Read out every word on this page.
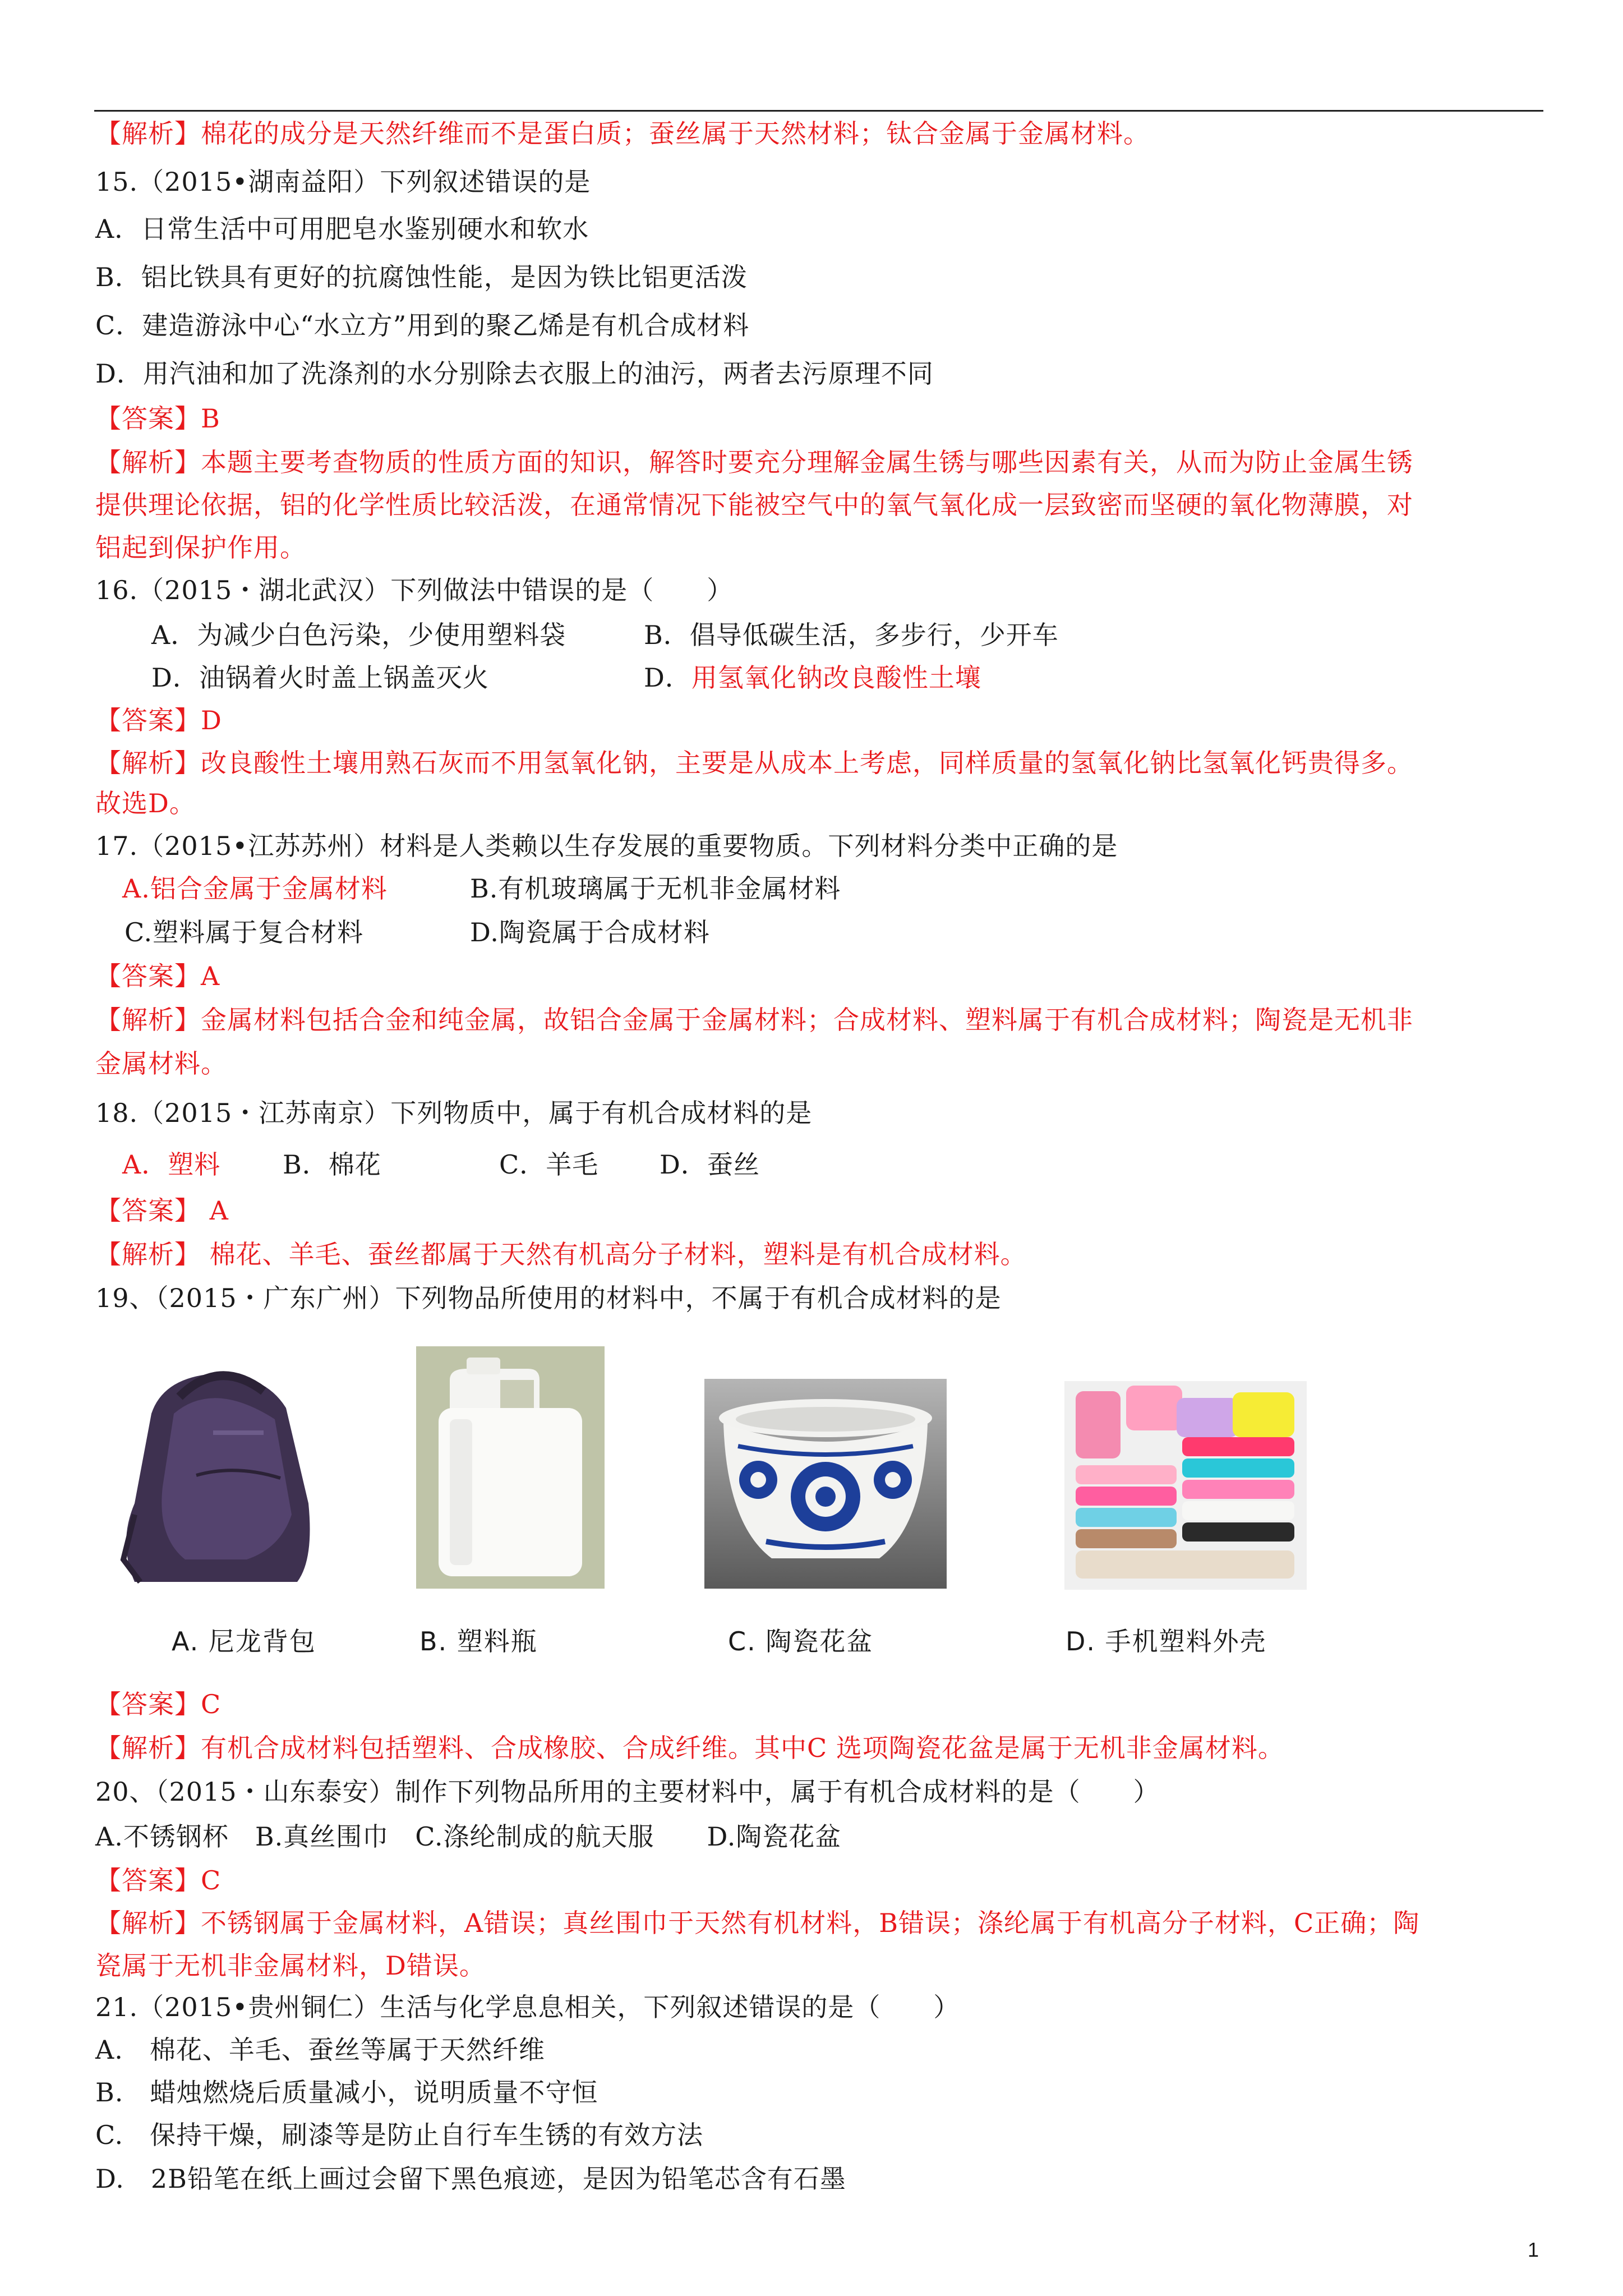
【解析】棉花的成分是天然纤维而不是蛋白质；蚕丝属于天然材料；钛合金属于金属材料。
15.（2015•湖南益阳）下列叙述错误的是
A．日常生活中可用肥皂水鉴别硬水和软水
B．铝比铁具有更好的抗腐蚀性能，是因为铁比铝更活泼
C．建造游泳中心“水立方”用到的聚乙烯是有机合成材料
D．用汽油和加了洗涤剂的水分别除去衣服上的油污，两者去污原理不同
【答案】B
【解析】本题主要考查物质的性质方面的知识，解答时要充分理解金属生锈与哪些因素有关，从而为防止金属生锈
提供理论依据，铝的化学性质比较活泼，在通常情况下能被空气中的氧气氧化成一层致密而坚硬的氧化物薄膜，对
铝起到保护作用。
16.（2015・湖北武汉）下列做法中错误的是（　　）
A．为减少白色污染，少使用塑料袋	B．倡导低碳生活，多步行，少开车
D．油锅着火时盖上锅盖灭火	D．用氢氧化钠改良酸性土壤
【答案】D
【解析】改良酸性土壤用熟石灰而不用氢氧化钠，主要是从成本上考虑，同样质量的氢氧化钠比氢氧化钙贵得多。
故选D。
17.（2015•江苏苏州）材料是人类赖以生存发展的重要物质。下列材料分类中正确的是
A.铝合金属于金属材料	B.有机玻璃属于无机非金属材料
C.塑料属于复合材料	D.陶瓷属于合成材料
【答案】A
【解析】金属材料包括合金和纯金属，故铝合金属于金属材料；合成材料、塑料属于有机合成材料；陶瓷是无机非
金属材料。
18.（2015・江苏南京）下列物质中，属于有机合成材料的是
A．塑料 B．棉花	C．羊毛 D．蚕丝
【答案】 A
【解析】 棉花、羊毛、蚕丝都属于天然有机高分子材料，塑料是有机合成材料。
19、（2015・广东广州）下列物品所使用的材料中，不属于有机合成材料的是
A. 尼龙背包	B. 塑料瓶	C. 陶瓷花盆	D. 手机塑料外壳
【答案】C
【解析】有机合成材料包括塑料、合成橡胶、合成纤维。其中C 选项陶瓷花盆是属于无机非金属材料。
20、（2015・山东泰安）制作下列物品所用的主要材料中，属于有机合成材料的是（　　）
A.不锈钢杯　B.真丝围巾　C.涤纶制成的航天服　　D.陶瓷花盆
【答案】C
【解析】不锈钢属于金属材料，A错误；真丝围巾于天然有机材料，B错误；涤纶属于有机高分子材料，C正确；陶
瓷属于无机非金属材料，D错误。
21.（2015•贵州铜仁）生活与化学息息相关，下列叙述错误的是（　　）
A.　棉花、羊毛、蚕丝等属于天然纤维
B.　蜡烛燃烧后质量减小，说明质量不守恒
C.　保持干燥，刷漆等是防止自行车生锈的有效方法
D.　2B铅笔在纸上画过会留下黑色痕迹，是因为铅笔芯含有石墨
1
